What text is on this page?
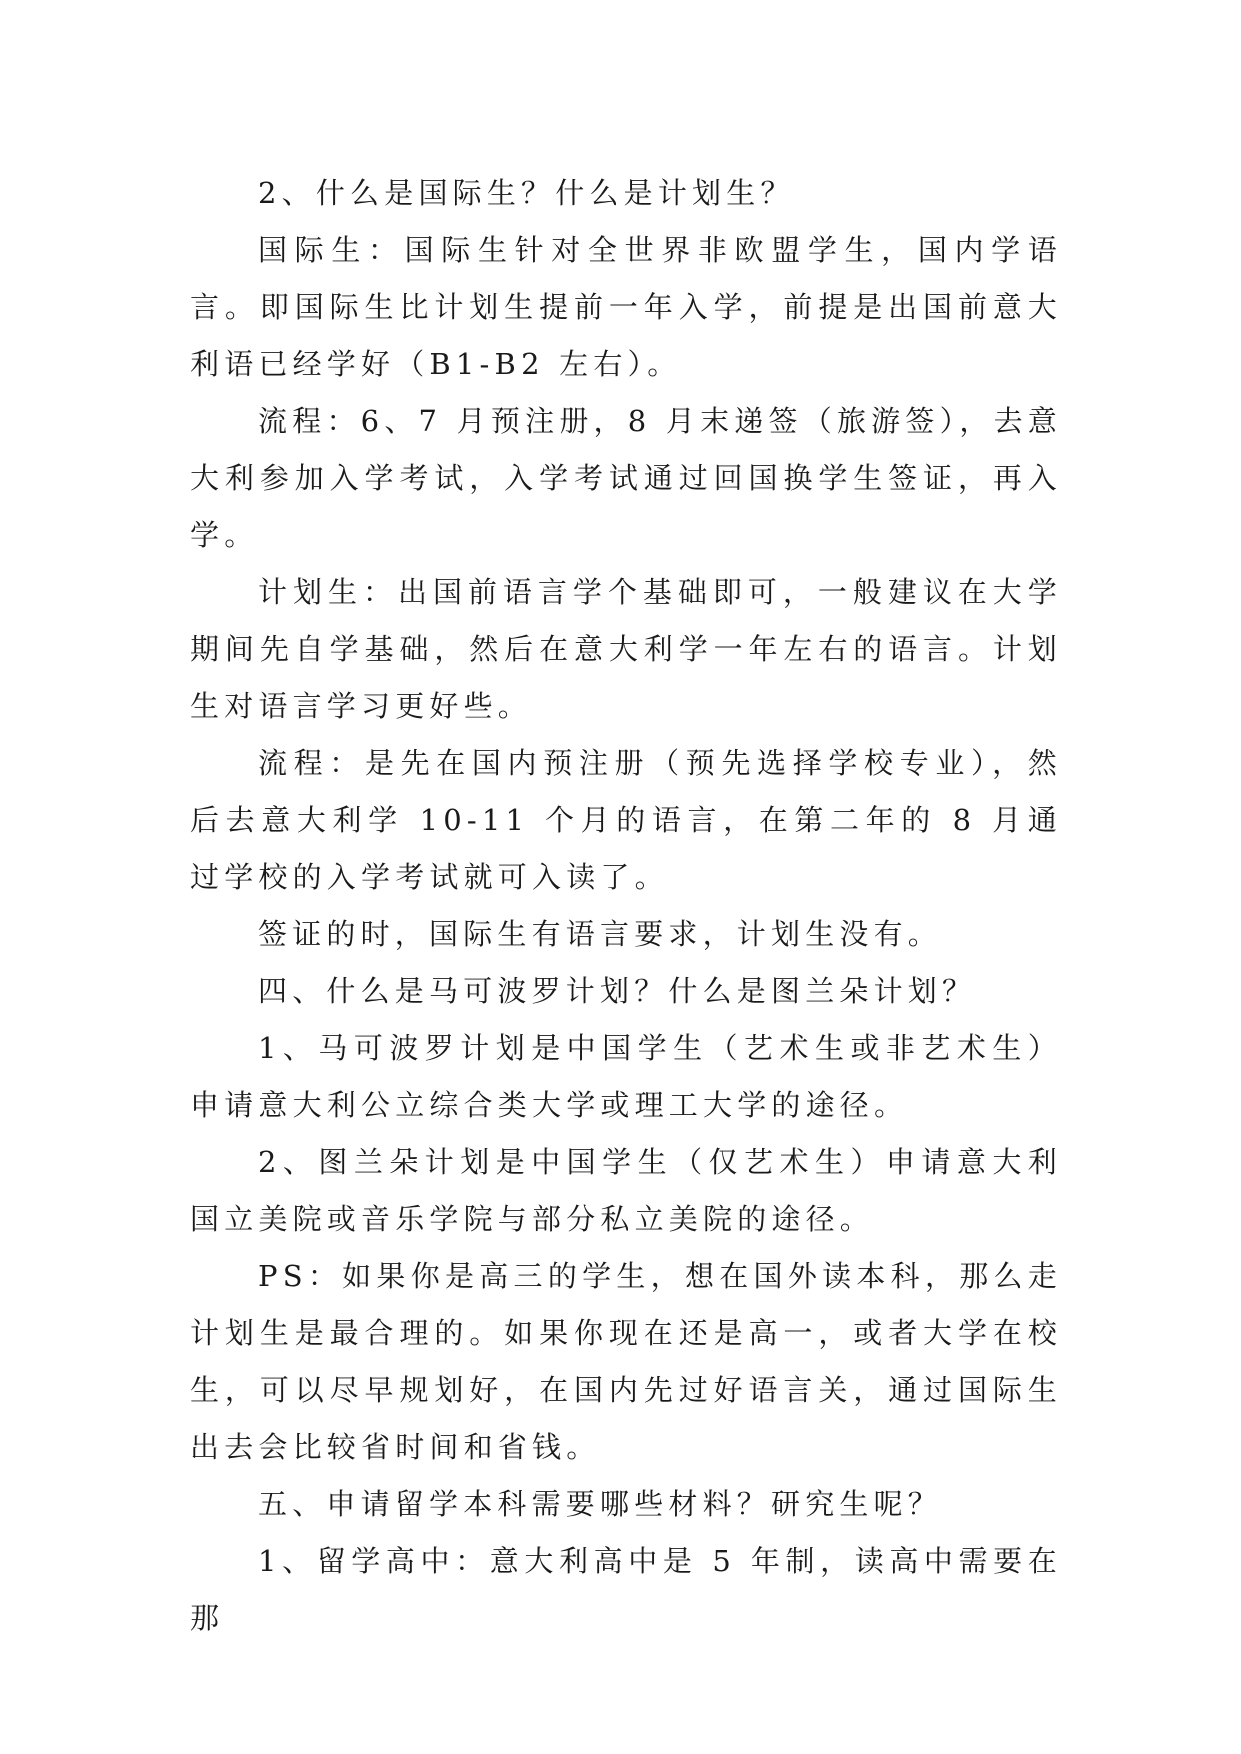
2、什么是国际生？什么是计划生？

国际生：国际生针对全世界非欧盟学生，国内学语言。即国际生比计划生提前一年入学，前提是出国前意大利语已经学好（B1-B2 左右）。

流程：6、7 月预注册，8 月末递签（旅游签），去意大利参加入学考试，入学考试通过回国换学生签证，再入学。

计划生：出国前语言学个基础即可，一般建议在大学期间先自学基础，然后在意大利学一年左右的语言。计划生对语言学习更好些。

流程：是先在国内预注册（预先选择学校专业），然后去意大利学 10-11 个月的语言，在第二年的 8 月通过学校的入学考试就可入读了。

签证的时，国际生有语言要求，计划生没有。

四、什么是马可波罗计划？什么是图兰朵计划？

1、马可波罗计划是中国学生（艺术生或非艺术生）申请意大利公立综合类大学或理工大学的途径。

2、图兰朵计划是中国学生（仅艺术生）申请意大利国立美院或音乐学院与部分私立美院的途径。

PS：如果你是高三的学生，想在国外读本科，那么走计划生是最合理的。如果你现在还是高一，或者大学在校生，可以尽早规划好，在国内先过好语言关，通过国际生出去会比较省时间和省钱。

五、申请留学本科需要哪些材料？研究生呢？

1、留学高中：意大利高中是 5 年制，读高中需要在那
